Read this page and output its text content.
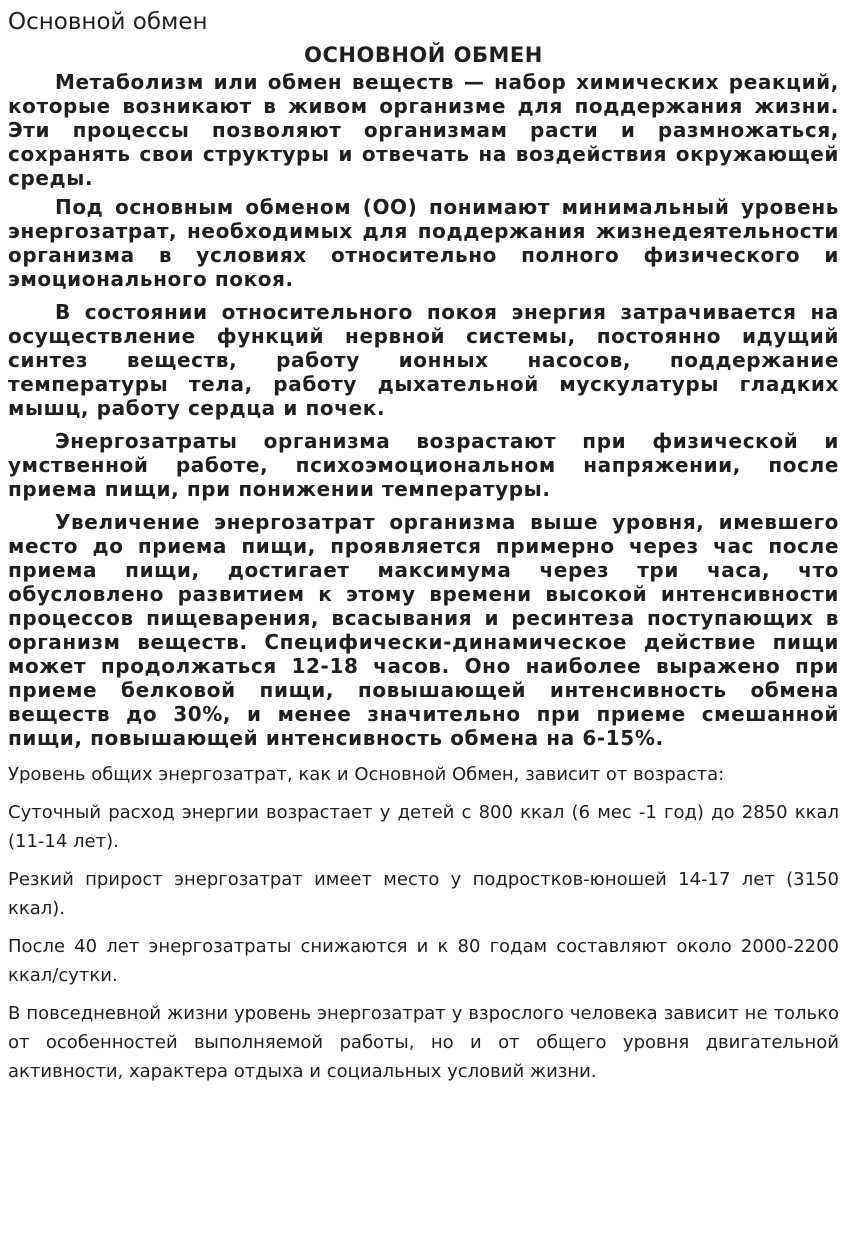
Основной обмен
ОСНОВНОЙ ОБМЕН

Метаболизм или обмен веществ — набор химических реакций, которые возникают в живом организме для поддержания жизни. Эти процессы позволяют организмам расти и размножаться, сохранять свои структуры и отвечать на воздействия окружающей среды.

Под основным обменом (ОО) понимают минимальный уровень энергозатрат, необходимых для поддержания жизнедеятельности организма в условиях относительно полного физического и эмоционального покоя.

В состоянии относительного покоя энергия затрачивается на осуществление функций нервной системы, постоянно идущий синтез веществ, работу ионных насосов, поддержание температуры тела, работу дыхательной мускулатуры гладких мышц, работу сердца и почек.

Энергозатраты организма возрастают при физической и умственной работе, психоэмоциональном напряжении, после приема пищи, при понижении температуры.

Увеличение энергозатрат организма выше уровня, имевшего место до приема пищи, проявляется примерно через час после приема пищи, достигает максимума через три часа, что обусловлено развитием к этому времени высокой интенсивности процессов пищеварения, всасывания и ресинтеза поступающих в организм веществ. Специфически-динамическое действие пищи может продолжаться 12-18 часов. Оно наиболее выражено при приеме белковой пищи, повышающей интенсивность обмена веществ до 30%, и менее значительно при приеме смешанной пищи, повышающей интенсивность обмена на 6-15%.

Уровень общих энергозатрат, как и Основной Обмен, зависит от возраста:

Суточный расход энергии возрастает у детей с 800 ккал (6 мес -1 год) до 2850 ккал (11-14 лет).

Резкий прирост энергозатрат имеет место у подростков-юношей 14-17 лет (3150 ккал).

После 40 лет энергозатраты снижаются и к 80 годам составляют около 2000-2200 ккал/сутки.

В повседневной жизни уровень энергозатрат у взрослого человека зависит не только от особенностей выполняемой работы, но и от общего уровня двигательной активности, характера отдыха и социальных условий жизни.
